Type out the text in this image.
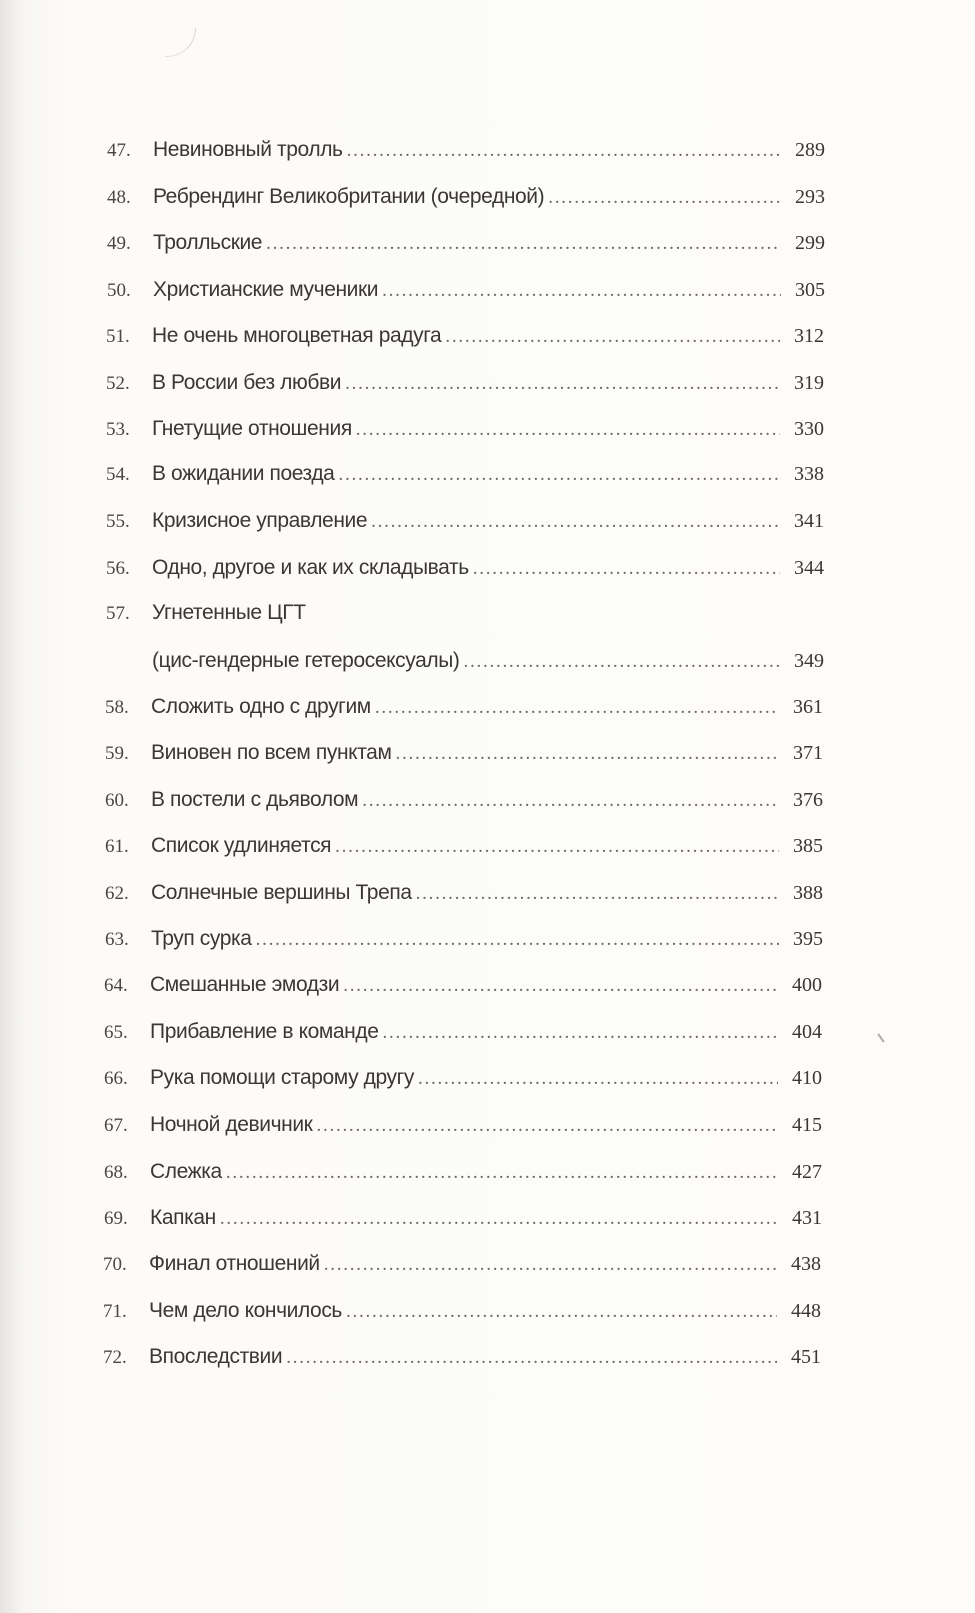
47.	Невиновный тролль . . .	289
48.	Ребрендинг Великобритании (очередной) . . .	293
49.	Тролльские . . .	299
50.	Христианские мученики . . .	305
51.	Не очень многоцветная радуга . . .	312
52.	В России без любви . . .	319
53.	Гнетущие отношения . . .	330
54.	В ожидании поезда . . .	338
55.	Кризисное управление . . .	341
56.	Одно, другое и как их складывать . . .	344
57.	Угнетенные ЦГТ
(цис-гендерные гетеросексуалы) . . .	349
58.	Сложить одно с другим . . .	361
59.	Виновен по всем пунктам . . .	371
60.	В постели с дьяволом . . .	376
61.	Список удлиняется . . .	385
62.	Солнечные вершины Трепа . . .	388
63.	Труп сурка . . .	395
64.	Смешанные эмодзи . . .	400
65.	Прибавление в команде . . .	404
66.	Рука помощи старому другу . . .	410
67.	Ночной девичник . . .	415
68.	Слежка . . .	427
69.	Капкан . . .	431
70.	Финал отношений . . .	438
71.	Чем дело кончилось . . .	448
72.	Впоследствии . . .	451
